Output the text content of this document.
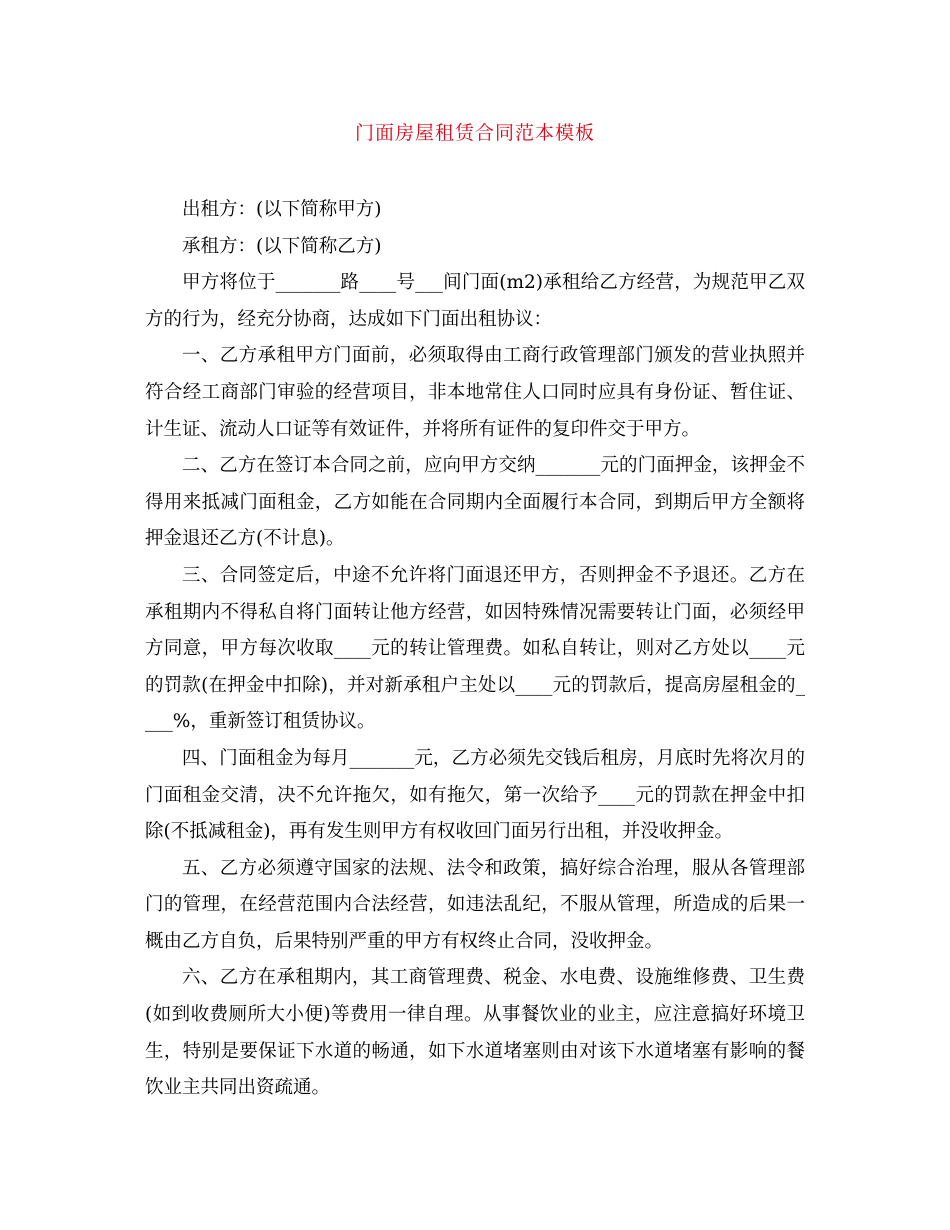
门面房屋租赁合同范本模板

出租方：(以下简称甲方)

承租方：(以下简称乙方)

甲方将位于_______路____号___间门面(m2)承租给乙方经营，为规范甲乙双方的行为，经充分协商，达成如下门面出租协议：

一、乙方承租甲方门面前，必须取得由工商行政管理部门颁发的营业执照并符合经工商部门审验的经营项目，非本地常住人口同时应具有身份证、暂住证、计生证、流动人口证等有效证件，并将所有证件的复印件交于甲方。

二、乙方在签订本合同之前，应向甲方交纳_______元的门面押金，该押金不得用来抵减门面租金，乙方如能在合同期内全面履行本合同，到期后甲方全额将押金退还乙方(不计息)。

三、合同签定后，中途不允许将门面退还甲方，否则押金不予退还。乙方在承租期内不得私自将门面转让他方经营，如因特殊情况需要转让门面，必须经甲方同意，甲方每次收取____元的转让管理费。如私自转让，则对乙方处以____元的罚款(在押金中扣除)，并对新承租户主处以____元的罚款后，提高房屋租金的____%，重新签订租赁协议。

四、门面租金为每月_______元，乙方必须先交钱后租房，月底时先将次月的门面租金交清，决不允许拖欠，如有拖欠，第一次给予____元的罚款在押金中扣除(不抵减租金)，再有发生则甲方有权收回门面另行出租，并没收押金。

五、乙方必须遵守国家的法规、法令和政策，搞好综合治理，服从各管理部门的管理，在经营范围内合法经营，如违法乱纪，不服从管理，所造成的后果一概由乙方自负，后果特别严重的甲方有权终止合同，没收押金。

六、乙方在承租期内，其工商管理费、税金、水电费、设施维修费、卫生费(如到收费厕所大小便)等费用一律自理。从事餐饮业的业主，应注意搞好环境卫生，特别是要保证下水道的畅通，如下水道堵塞则由对该下水道堵塞有影响的餐饮业主共同出资疏通。
